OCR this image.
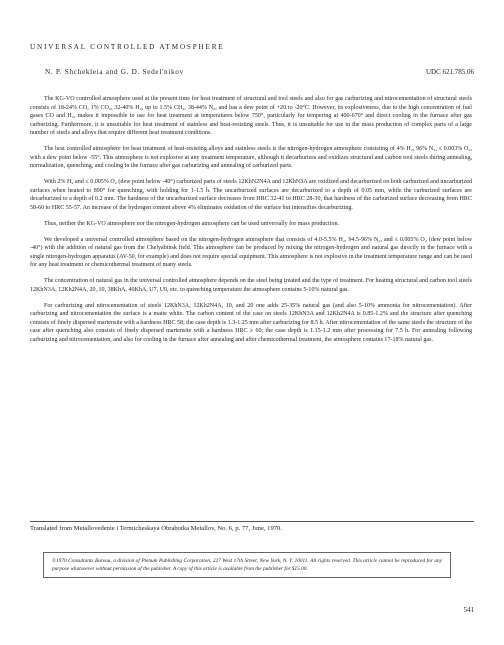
UNIVERSAL CONTROLLED ATMOSPHERE
N. P. Shchekleia and G. D. Sedel'nikov	UDC 621.785.06

The KG-VO controlled atmosphere used at the present time for heat treatment of structural and tool steels and also for gas carburizing and nitrocementation of structural steels consists of 18-24% CO, 1% CO₂, 32-40% H₂, up to 1.5% CH₄, 38-44% N₂, and has a dew point of +20 to -20°C. However, its explosiveness, due to the high concentration of fuel gases CO and H₂, makes it impossible to use for heat treatment at temperatures below 750°, particularly for tempering at 400-670° and direct cooling in the furnace after gas carburizing. Furthermore, it is unsuitable for heat treatment of stainless and heat-resisting steels. Thus, it is unsuitable for use in the mass production of complex parts of a large number of steels and alloys that require different heat treatment conditions.

The best controlled atmosphere for heat treatment of heat-resisting alloys and stainless steels is the nitrogen-hydrogen atmosphere consisting of 4% H₂, 96% N₂, ≤ 0.003% O₂, with a dew point below -55°. This atmosphere is not explosive at any treatment temperature, although it decarburizes and oxidizes structural and carbon tool steels during annealing, normalization, quenching, and cooling in the furnace after gas carburizing and annealing of carburized parts.

With 2% H₂ and ≤ 0.005% O₂ (dew point below -40°) carburized parts of steels 12KhN2N4A and 12KhN3A are oxidized and decarburized on both carburized and uncarburized surfaces when heated to 890° for quenching, with holding for 1-1.5 h. The uncarburized surfaces are decarburized to a depth of 0.05 mm, while the carburized surfaces are decarburized to a depth of 0.2 mm. The hardness of the uncarburized surface decreases from HRC 32-41 to HRC 28-30, that hardness of the carburized surface decreasing from HRC 58-60 to HRC 55-57. An increase of the hydrogen content above 4% eliminates oxidation of the surface but intensifies decarburizing.

Thus, neither the KG-VO atmosphere nor the nitrogen-hydrogen atmosphere can be used universally for mass production.

We developed a universal controlled atmosphere based on the nitrogen-hydrogen atmosphere that consists of 4.0-5.5% H₂, 94.5-96% N₂, and ≤ 0.005% O₂ (dew point below -40°) with the addition of natural gas from the Chelyabinsk field. This atmosphere can be produced by mixing the nitrogen-hydrogen and natural gas directly in the furnace with a single nitrogen-hydrogen apparatus (AV-50, for example) and does not require special equipment. This atmosphere is not explosive in the treatment temperature range and can be used for any heat treatment or chemicothermal treatment of many steels.

The concentration of natural gas in the universal controlled atmosphere depends on the steel being treated and the type of treatment. For heating structural and carbon tool steels 12KhN3A, 12Kh2N4A, 20, 10, 38KhA, 40KhA, U7, U9, etc. to quenching temperature the atmosphere contains 5-10% natural gas.

For carburizing and nitrocementation of steels 12KhN3A, 12Kh2N4A, 10, and 20 one adds 25-35% natural gas (and also 5-10% ammonia for nitrocementation). After carburizing and nitrocementation the surface is a matte white. The carbon content of the case on steels 12KhN3A and 12Kh2N4A is 0.85-1.2% and the structure after quenching consists of finely dispersed martensite with a hardness HRC 58; the case depth is 1.3-1.25 mm after carburizing for 8.5 h. After nitrocementation of the same steels the structure of the case after quenching also consists of finely dispersed martensite with a hardness HRC ≥ 60; the case depth is 1.15-1.2 mm after processing for 7.5 h. For annealing following carburizing and nitrocementation, and also for cooling in the furnace after annealing and after chemicothermal treatment, the atmosphere contains 17-18% natural gas.

Translated from Metallovedenie i Termicheskaya Obrabotka Metallov, No. 6, p. 77, June, 1970.
©1970 Consultants Bureau, a division of Plenum Publishing Corporation, 227 West 17th Street, New York, N. Y. 10011. All rights reserved. This article cannot be reproduced for any purpose whatsoever without permission of the publisher. A copy of this article is available from the publisher for $15.00.
541
